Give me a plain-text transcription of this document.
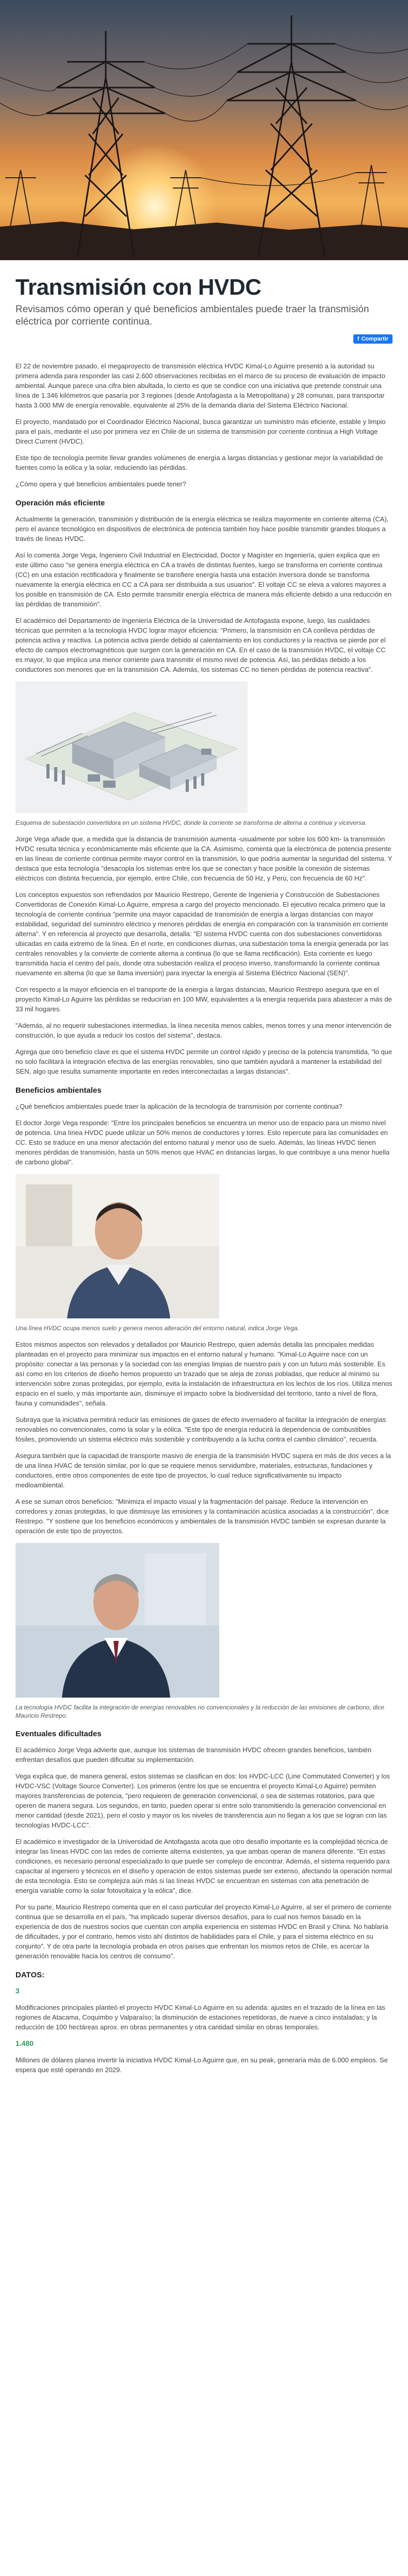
Transmisión con HVDC

Revisamos cómo operan y qué beneficios ambientales puede traer la transmisión eléctrica por corriente continua.

f Compartir

El 22 de noviembre pasado, el megaproyecto de transmisión eléctrica HVDC Kimal-Lo Aguirre presentó a la autoridad su primera adenda para responder las casi 2.600 observaciones recibidas en el marco de su proceso de evaluación de impacto ambiental. Aunque parece una cifra bien abultada, lo cierto es que se condice con una iniciativa que pretende construir una línea de 1.346 kilómetros que pasaría por 3 regiones (desde Antofagasta a la Metropolitana) y 28 comunas, para transportar hasta 3.000 MW de energía renovable, equivalente al 25% de la demanda diaria del Sistema Eléctrico Nacional.

El proyecto, mandatado por el Coordinador Eléctrico Nacional, busca garantizar un suministro más eficiente, estable y limpio para el país, mediante el uso por primera vez en Chile de un sistema de transmisión por corriente continua a High Voltage Direct Current (HVDC).

Este tipo de tecnología permite llevar grandes volúmenes de energía a largas distancias y gestionar mejor la variabilidad de fuentes como la eólica y la solar, reduciendo las pérdidas.

¿Cómo opera y qué beneficios ambientales puede tener?

Operación más eficiente

Actualmente la generación, transmisión y distribución de la energía eléctrica se realiza mayormente en corriente alterna (CA), pero el avance tecnológico en dispositivos de electrónica de potencia también hoy hace posible transmitir grandes bloques a través de líneas HVDC.

Así lo comenta Jorge Vega, Ingeniero Civil Industrial en Electricidad, Doctor y Magíster en Ingeniería, quien explica que en este último caso "se genera energía eléctrica en CA a través de distintas fuentes, luego se transforma en corriente continua (CC) en una estación rectificadora y finalmente se transfiere energía hasta una estación inversora donde se transforma nuevamente la energía eléctrica en CC a CA para ser distribuida a sus usuarios". El voltaje CC se eleva a valores mayores a los posible en transmisión de CA. Esto permite transmitir energía eléctrica de manera más eficiente debido a una reducción en las pérdidas de transmisión".

El académico del Departamento de Ingeniería Eléctrica de la Universidad de Antofagasta expone, luego, las cualidades técnicas que permiten a la tecnología HVDC lograr mayor eficiencia: "Primero, la transmisión en CA conlleva pérdidas de potencia activa y reactiva. La potencia activa pierde debido al calentamiento en los conductores y la reactiva se pierde por el efecto de campos electromagnéticos que surgen con la generación en CA. En el caso de la transmisión HVDC, el voltaje CC es mayor, lo que implica una menor corriente para transmitir el mismo nivel de potencia. Así, las pérdidas debido a los conductores son menores que en la transmisión CA. Además, los sistemas CC no tienen pérdidas de potencia reactiva".

Esquema de subestación convertidora en un sistema HVDC, donde la corriente se transforma de alterna a continua y viceversa.

Jorge Vega añade que, a medida que la distancia de transmisión aumenta -usualmente por sobre los 600 km- la transmisión HVDC resulta técnica y económicamente más eficiente que la CA. Asimismo, comenta que la electrónica de potencia presente en las líneas de corriente continua permite mayor control en la transmisión, lo que podría aumentar la seguridad del sistema. Y destaca que esta tecnología "desacopla los sistemas entre los que se conectan y hace posible la conexión de sistemas eléctricos con distinta frecuencia, por ejemplo, entre Chile, con frecuencia de 50 Hz, y Perú, con frecuencia de 60 Hz".

Los conceptos expuestos son refrendados por Mauricio Restrepo, Gerente de Ingeniería y Construcción de Subestaciones Convertidoras de Conexión Kimal-Lo Aguirre, empresa a cargo del proyecto mencionado. El ejecutivo recalca primero que la tecnología de corriente continua "permite una mayor capacidad de transmisión de energía a largas distancias con mayor estabilidad, seguridad del suministro eléctrico y menores pérdidas de energía en comparación con la transmisión en corriente alterna". Y en referencia al proyecto que desarrolla, detalla: "El sistema HVDC cuenta con dos subestaciones convertidoras ubicadas en cada extremo de la línea. En el norte, en condiciones diurnas, una subestación toma la energía generada por las centrales renovables y la convierte de corriente alterna a continua (lo que se llama rectificación). Esta corriente es luego transmitida hacia el centro del país, donde otra subestación realiza el proceso inverso, transformando la corriente continua nuevamente en alterna (lo que se llama inversión) para inyectar la energía al Sistema Eléctrico Nacional (SEN)".

Con respecto a la mayor eficiencia en el transporte de la energía a largas distancias, Mauricio Restrepo asegura que en el proyecto Kimal-Lo Aguirre las pérdidas se reducirían en 100 MW, equivalentes a la energía requerida para abastecer a más de 33 mil hogares.

"Además, al no requerir subestaciones intermedias, la línea necesita menos cables, menos torres y una menor intervención de construcción, lo que ayuda a reducir los costos del sistema", destaca.

Agrega que otro beneficio clave es que el sistema HVDC permite un control rápido y preciso de la potencia transmitida, "lo que no solo facilitará la integración efectiva de las energías renovables, sino que también ayudará a mantener la estabilidad del SEN, algo que resulta sumamente importante en redes interconectadas a largas distancias".

Beneficios ambientales

¿Qué beneficios ambientales puede traer la aplicación de la tecnología de transmisión por corriente continua?

El doctor Jorge Vega responde: "Entre los principales beneficios se encuentra un menor uso de espacio para un mismo nivel de potencia. Una línea HVDC puede utilizar un 50% menos de conductores y torres. Esto repercute para las comunidades en CC. Esto se traduce en una menor afectación del entorno natural y menor uso de suelo. Además, las líneas HVDC tienen menores pérdidas de transmisión, hasta un 50% menos que HVAC en distancias largas, lo que contribuye a una menor huella de carbono global".

Una línea HVDC ocupa menos suelo y genera menos alteración del entorno natural, indica Jorge Vega.

Estos mismos aspectos son relevados y detallados por Mauricio Restrepo, quien además detalla las principales medidas planteadas en el proyecto para minimizar sus impactos en el entorno natural y humano. "Kimal-Lo Aguirre nace con un propósito: conectar a las personas y la sociedad con las energías limpias de nuestro país y con un futuro más sostenible. Es así como en los criterios de diseño hemos propuesto un trazado que se aleja de zonas pobladas, que reduce al mínimo su intervención sobre zonas protegidas, por ejemplo, evita la instalación de infraestructura en los lechos de los ríos. Utiliza menos espacio en el suelo, y más importante aún, disminuye el impacto sobre la biodiversidad del territorio, tanto a nivel de flora, fauna y comunidades", señala.

Subraya que la iniciativa permitirá reducir las emisiones de gases de efecto invernadero al facilitar la integración de energías renovables no convencionales, como la solar y la eólica. "Este tipo de energía reducirá la dependencia de combustibles fósiles, promoviendo un sistema eléctrico más sostenible y contribuyendo a la lucha contra el cambio climático", recuerda.

Asegura también que la capacidad de transporte masivo de energía de la transmisión HVDC supera en más de dos veces a la de una línea HVAC de tensión similar, por lo que se requiere menos servidumbre, materiales, estructuras, fundaciones y conductores, entre otros componentes de este tipo de proyectos, lo cual reduce significativamente su impacto medioambiental.

A ese se suman otros beneficios: "Minimiza el impacto visual y la fragmentación del paisaje. Reduce la intervención en corredores y zonas protegidas, lo que disminuye las emisiones y la contaminación acústica asociadas a la construcción", dice Restrepo. "Y sostiene que los beneficios económicos y ambientales de la transmisión HVDC también se expresan durante la operación de este tipo de proyectos.

La tecnología HVDC facilita la integración de energías renovables no convencionales y la reducción de las emisiones de carbono, dice Mauricio Restrepo.
Eventuales dificultades

El académico Jorge Vega advierte que, aunque los sistemas de transmisión HVDC ofrecen grandes beneficios, también enfrentan desafíos que pueden dificultar su implementación.

Vega explica que, de manera general, estos sistemas se clasifican en dos: los HVDC-LCC (Line Commutated Converter) y los HVDC-VSC (Voltage Source Converter). Los primeros (entre los que se encuentra el proyecto Kimal-Lo Aguirre) permiten mayores transferencias de potencia, "pero requieren de generación convencional, o sea de sistemas rotatorios, para que operen de manera segura. Los segundos, en tanto, pueden operar si entre solo transmitiendo la generación convencional en menor cantidad (desde 2021), pero el costo y mayor os los niveles de transferencia aún no llegan a los que se logran con las tecnologías HVDC-LCC".

El académico e investigador de la Universidad de Antofagasta acota que otro desafío importante es la complejidad técnica de integrar las líneas HVDC con las redes de corriente alterna existentes, ya que ambas operan de manera diferente. "En estas condiciones, es necesario personal especializado lo que puede ser complejo de encontrar. Además, el sistema requerido para capacitar al ingeniero y técnicos en el diseño y operación de estos sistemas puede ser extenso, afectando la operación normal de esta tecnología. Esto se complejiza aún más si las líneas HVDC se encuentran en sistemas con alta penetración de energía variable como la solar fotovoltaica y la eólica", dice.

Por su parte, Mauricio Restrepo comenta que en el caso particular del proyecto Kimal-Lo Aguirre, al ser el primero de corriente continua que se desarrolla en el país, "ha implicado superar diversos desafíos, para lo cual nos hemos basado en la experiencia de dos de nuestros socios que cuentan con amplia experiencia en sistemas HVDC en Brasil y China. No hablaría de dificultades, y por el contrario, hemos visto ahí distintos de habilidades para el Chile, y para el sistema eléctrico en su conjunto". Y de otra parte la tecnología probada en otros países que enfrentan los mismos retos de Chile, es acercar la generación renovable hacia los centros de consumo".

DATOS:

3

Modificaciones principales planteó el proyecto HVDC Kimal-Lo Aguirre en su adenda: ajustes en el trazado de la línea en las regiones de Atacama, Coquimbo y Valparaíso; la disminución de estaciones repetidoras, de nueve a cinco instaladas; y la reducción de 100 hectáreas aprox. en obras permanentes y otra cantidad similar en obras temporales.

1.480

Millones de dólares planea invertir la iniciativa HVDC Kimal-Lo Aguirre que, en su peak, generaría más de 6.000 empleos. Se espera que esté operando en 2029.
